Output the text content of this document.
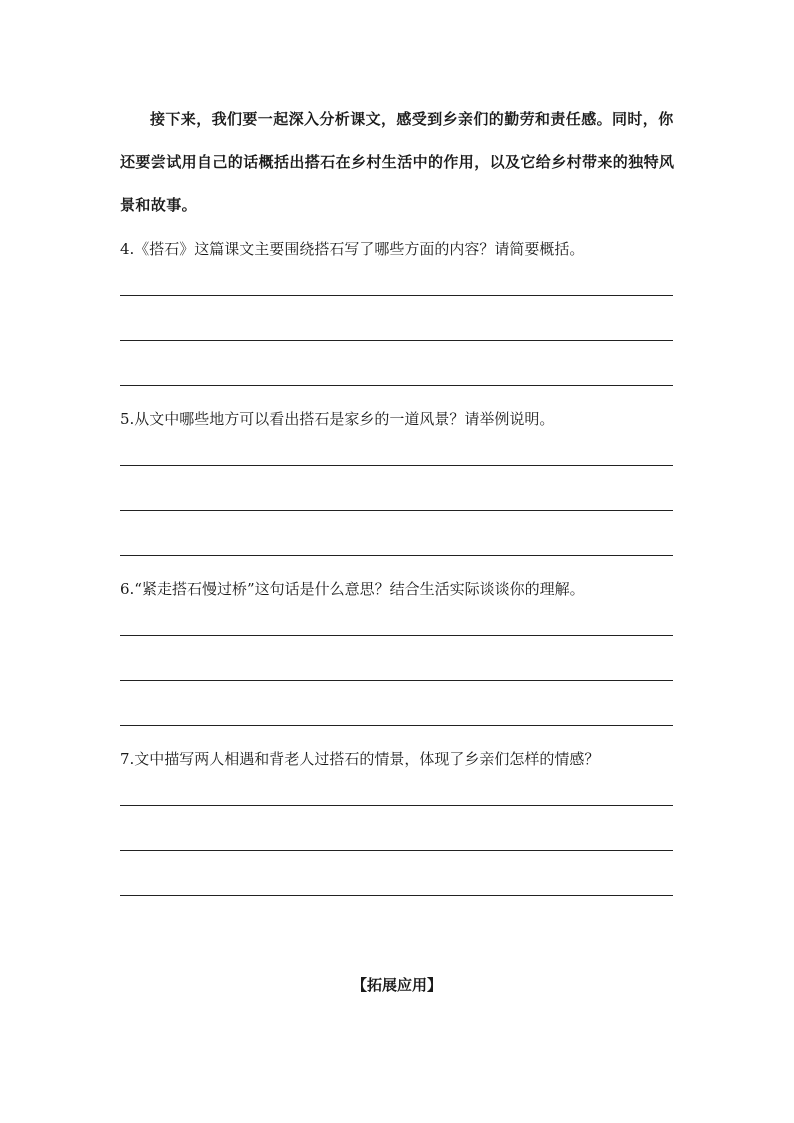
接下来，我们要一起深入分析课文，感受到乡亲们的勤劳和责任感。同时，你还要尝试用自己的话概括出搭石在乡村生活中的作用，以及它给乡村带来的独特风景和故事。

4.《搭石》这篇课文主要围绕搭石写了哪些方面的内容？请简要概括。

5.从文中哪些地方可以看出搭石是家乡的一道风景？请举例说明。

6.“紧走搭石慢过桥”这句话是什么意思？结合生活实际谈谈你的理解。

7.文中描写两人相遇和背老人过搭石的情景，体现了乡亲们怎样的情感？

【拓展应用】
